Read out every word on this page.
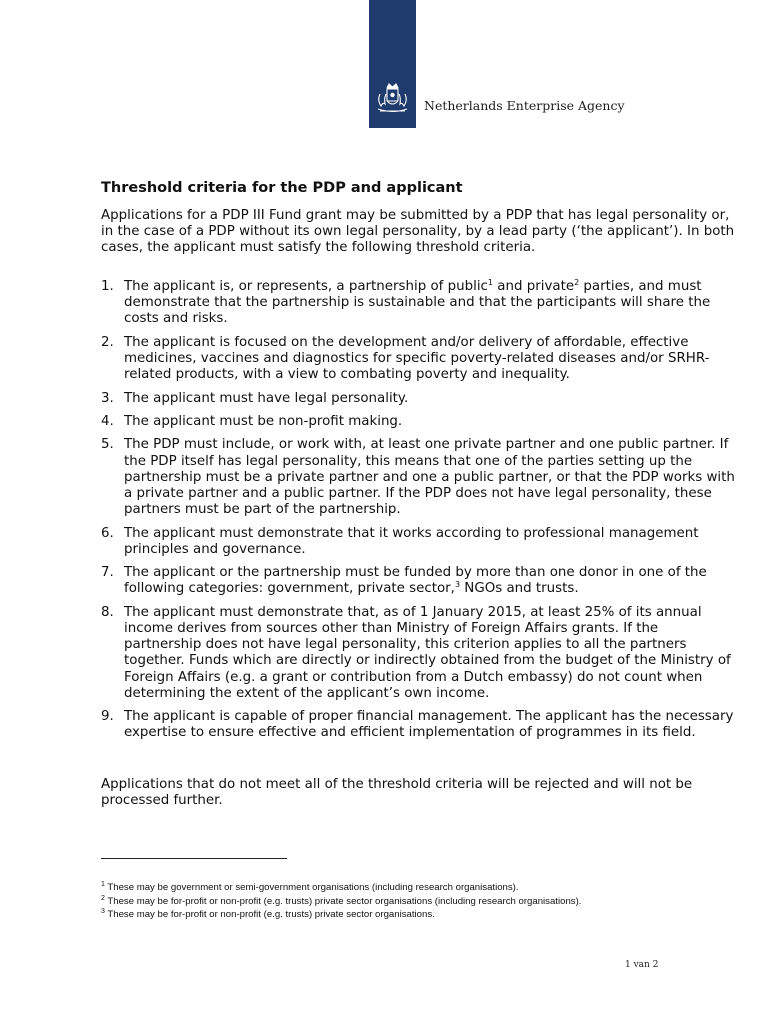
Netherlands Enterprise Agency
Threshold criteria for the PDP and applicant

Applications for a PDP III Fund grant may be submitted by a PDP that has legal personality or, in the case of a PDP without its own legal personality, by a lead party (‘the applicant’). In both cases, the applicant must satisfy the following threshold criteria.

1. The applicant is, or represents, a partnership of public$^1$ and private$^2$ parties, and must demonstrate that the partnership is sustainable and that the participants will share the costs and risks.
2. The applicant is focused on the development and/or delivery of affordable, effective medicines, vaccines and diagnostics for specific poverty-related diseases and/or SRHR-related products, with a view to combating poverty and inequality.
3. The applicant must have legal personality.
4. The applicant must be non-profit making.
5. The PDP must include, or work with, at least one private partner and one public partner. If the PDP itself has legal personality, this means that one of the parties setting up the partnership must be a private partner and one a public partner, or that the PDP works with a private partner and a public partner. If the PDP does not have legal personality, these partners must be part of the partnership.
6. The applicant must demonstrate that it works according to professional management principles and governance.
7. The applicant or the partnership must be funded by more than one donor in one of the following categories: government, private sector,$^3$ NGOs and trusts.
8. The applicant must demonstrate that, as of 1 January 2015, at least 25% of its annual income derives from sources other than Ministry of Foreign Affairs grants. If the partnership does not have legal personality, this criterion applies to all the partners together. Funds which are directly or indirectly obtained from the budget of the Ministry of Foreign Affairs (e.g. a grant or contribution from a Dutch embassy) do not count when determining the extent of the applicant’s own income.
9. The applicant is capable of proper financial management. The applicant has the necessary expertise to ensure effective and efficient implementation of programmes in its field.

Applications that do not meet all of the threshold criteria will be rejected and will not be processed further.

$^1$ These may be government or semi-government organisations (including research organisations).
$^2$ These may be for-profit or non-profit (e.g. trusts) private sector organisations (including research organisations).
$^3$ These may be for-profit or non-profit (e.g. trusts) private sector organisations.
1 van 2
